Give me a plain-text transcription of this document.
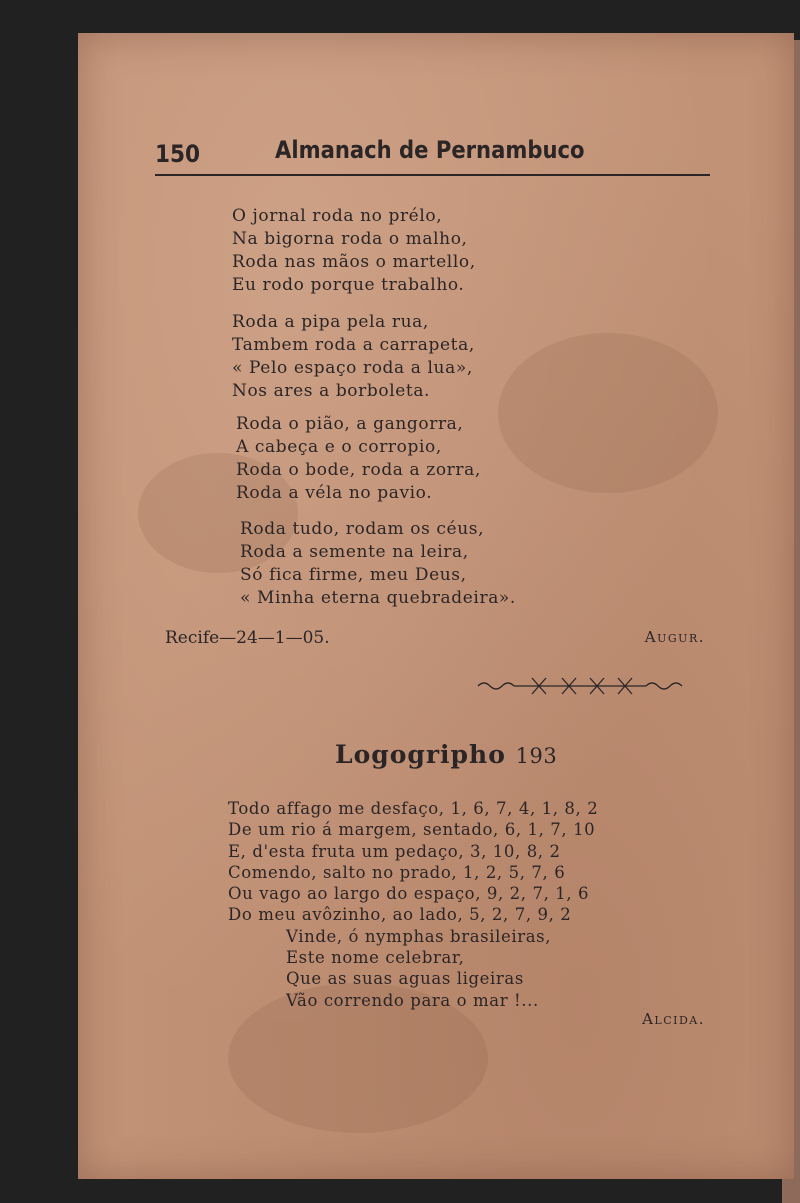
150	Almanach de Pernambuco
O jornal roda no prélo,
Na bigorna roda o malho,
Roda nas mãos o martello,
Eu rodo porque trabalho.
Roda a pipa pela rua,
Tambem roda a carrapeta,
« Pelo espaço roda a lua»,
Nos ares a borboleta.
Roda o pião, a gangorra,
A cabeça e o corropio,
Roda o bode, roda a zorra,
Roda a véla no pavio.
Roda tudo, rodam os céus,
Roda a semente na leira,
Só fica firme, meu Deus,
« Minha eterna quebradeira».
Recife—24—1—05.	Augur.
Logogripho 193
Todo affago me desfaço, 1, 6, 7, 4, 1, 8, 2
De um rio á margem, sentado, 6, 1, 7, 10
E, d'esta fruta um pedaço, 3, 10, 8, 2
Comendo, salto no prado, 1, 2, 5, 7, 6
Ou vago ao largo do espaço, 9, 2, 7, 1, 6
Do meu avôzinho, ao lado, 5, 2, 7, 9, 2
Vinde, ó nymphas brasileiras,
Este nome celebrar,
Que as suas aguas ligeiras
Vão correndo para o mar !...
Alcida.
